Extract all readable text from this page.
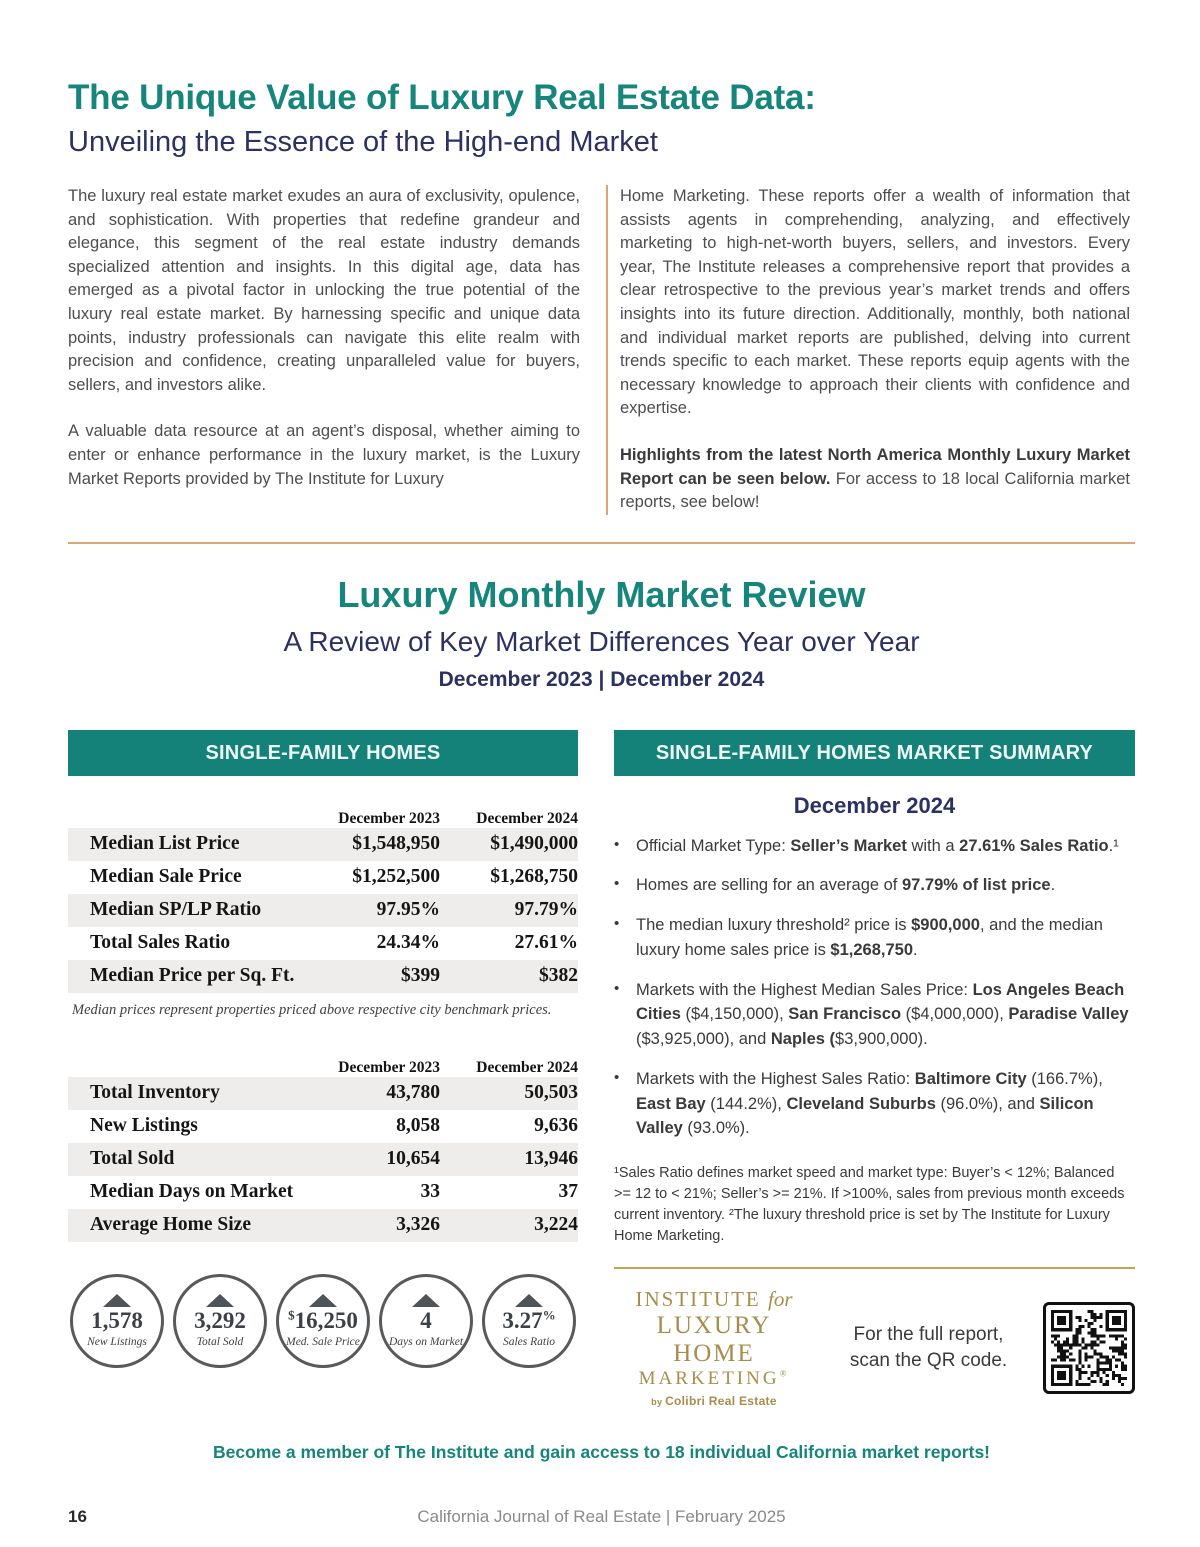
The Unique Value of Luxury Real Estate Data:
Unveiling the Essence of the High-end Market

The luxury real estate market exudes an aura of exclusivity, opulence, and sophistication. With properties that redefine grandeur and elegance, this segment of the real estate industry demands specialized attention and insights. In this digital age, data has emerged as a pivotal factor in unlocking the true potential of the luxury real estate market. By harnessing specific and unique data points, industry professionals can navigate this elite realm with precision and confidence, creating unparalleled value for buyers, sellers, and investors alike.

A valuable data resource at an agent’s disposal, whether aiming to enter or enhance performance in the luxury market, is the Luxury Market Reports provided by The Institute for Luxury

Home Marketing. These reports offer a wealth of information that assists agents in comprehending, analyzing, and effectively marketing to high-net-worth buyers, sellers, and investors. Every year, The Institute releases a comprehensive report that provides a clear retrospective to the previous year’s market trends and offers insights into its future direction. Additionally, monthly, both national and individual market reports are published, delving into current trends specific to each market. These reports equip agents with the necessary knowledge to approach their clients with confidence and expertise.

Highlights from the latest North America Monthly Luxury Market Report can be seen below. For access to 18 local California market reports, see below!

Luxury Monthly Market Review
A Review of Key Market Differences Year over Year
December 2023 | December 2024
SINGLE-FAMILY HOMES
December 2023	December 2024
Median List Price	$1,548,950	$1,490,000
Median Sale Price	$1,252,500	$1,268,750
Median SP/LP Ratio	97.95%	97.79%
Total Sales Ratio	24.34%	27.61%
Median Price per Sq. Ft.	$399	$382
Median prices represent properties priced above respective city benchmark prices.
December 2023	December 2024
Total Inventory	43,780	50,503
New Listings	8,058	9,636
Total Sold	10,654	13,946
Median Days on Market	33	37
Average Home Size	3,326	3,224
1,578
New Listings
3,292
Total Sold
$16,250
Med. Sale Price
4
Days on Market
3.27%
Sales Ratio
SINGLE-FAMILY HOMES MARKET SUMMARY
December 2024
•	Official Market Type: Seller’s Market with a 27.61% Sales Ratio.¹
•	Homes are selling for an average of 97.79% of list price.
•	The median luxury threshold² price is $900,000, and the median luxury home sales price is $1,268,750.
•	Markets with the Highest Median Sales Price: Los Angeles Beach Cities ($4,150,000), San Francisco ($4,000,000), Paradise Valley ($3,925,000), and Naples ($3,900,000).
•	Markets with the Highest Sales Ratio: Baltimore City (166.7%), East Bay (144.2%), Cleveland Suburbs (96.0%), and Silicon Valley (93.0%).
¹Sales Ratio defines market speed and market type: Buyer’s < 12%; Balanced >= 12 to < 21%; Seller’s >= 21%. If >100%, sales from previous month exceeds current inventory. ²The luxury threshold price is set by The Institute for Luxury Home Marketing.
INSTITUTE for
LUXURY HOME
MARKETING®
by Colibri Real Estate
For the full report,
scan the QR code.
Become a member of The Institute and gain access to 18 individual California market reports!
16	California Journal of Real Estate | February 2025
